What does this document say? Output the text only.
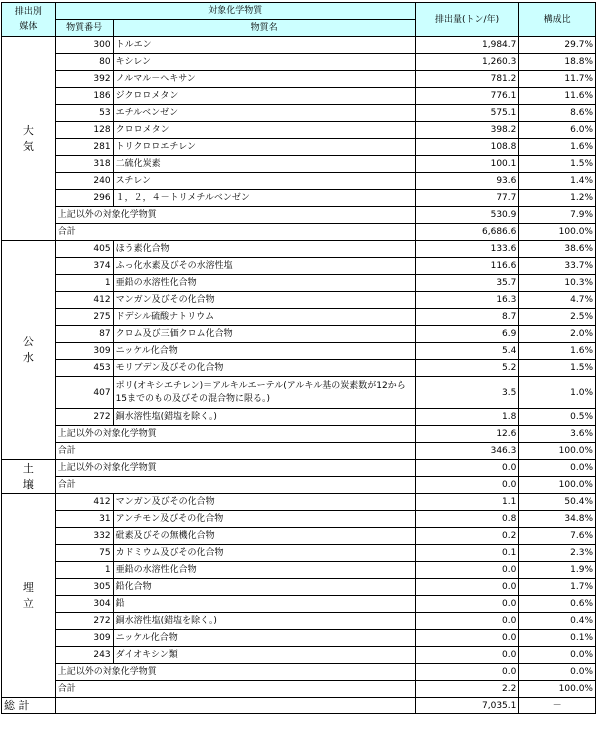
排出別
媒体	対象化学物質		排出量(トン/年)	構成比
	物質番号	物質名		

大
気	300	トルエン	1,984.7	29.7%
	80	キシレン	1,260.3	18.8%
	392	ノルマル－ヘキサン	781.2	11.7%
	186	ジクロロメタン	776.1	11.6%
	53	エチルベンゼン	575.1	8.6%
	128	クロロメタン	398.2	6.0%
	281	トリクロロエチレン	108.8	1.6%
	318	二硫化炭素	100.1	1.5%
	240	スチレン	93.6	1.4%
	296	１，２，４－トリメチルベンゼン	77.7	1.2%
	上記以外の対象化学物質		530.9	7.9%
	合計		6,686.6	100.0%

公
水	405	ほう素化合物	133.6	38.6%
	374	ふっ化水素及びその水溶性塩	116.6	33.7%
	1	亜鉛の水溶性化合物	35.7	10.3%
	412	マンガン及びその化合物	16.3	4.7%
	275	ドデシル硫酸ナトリウム	8.7	2.5%
	87	クロム及び三価クロム化合物	6.9	2.0%
	309	ニッケル化合物	5.4	1.6%
	453	モリブデン及びその化合物	5.2	1.5%
	407	ポリ(オキシエチレン)＝アルキルエーテル(アルキル基の炭素数が12から15までのもの及びその混合物に限る。)	3.5	1.0%
	272	銅水溶性塩(錯塩を除く。)	1.8	0.5%
	上記以外の対象化学物質		12.6	3.6%
	合計		346.3	100.0%

土
壌	上記以外の対象化学物質		0.0	0.0%
	合計		0.0	100.0%

埋
立	412	マンガン及びその化合物	1.1	50.4%
	31	アンチモン及びその化合物	0.8	34.8%
	332	砒素及びその無機化合物	0.2	7.6%
	75	カドミウム及びその化合物	0.1	2.3%
	1	亜鉛の水溶性化合物	0.0	1.9%
	305	鉛化合物	0.0	1.7%
	304	鉛	0.0	0.6%
	272	銅水溶性塩(錯塩を除く。)	0.0	0.4%
	309	ニッケル化合物	0.0	0.1%
	243	ダイオキシン類	0.0	0.0%
	上記以外の対象化学物質		0.0	0.0%
	合計		2.2	100.0%
総 計			7,035.1	－
